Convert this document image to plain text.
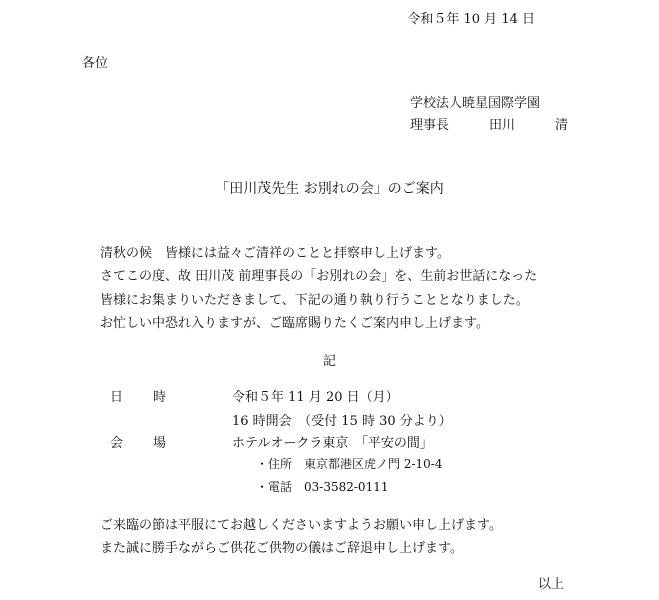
令和５年 10 月 14 日
各位
学校法人暁星国際学園
理事長	田川	清
「田川茂先生 お別れの会」のご案内
清秋の候　皆様には益々ご清祥のことと拝察申し上げます。
さてこの度、故 田川茂 前理事長の「お別れの会」を、生前お世話になった
皆様にお集まりいただきまして、下記の通り執り行うこととなりました。
お忙しい中恐れ入りますが、ご臨席賜りたくご案内申し上げます。
記
日 時	令和５年 11 月 20 日（月）
16 時開会　（受付 15 時 30 分より）
会 場	ホテルオークラ東京　「平安の間」
・住所 東京都港区虎ノ門 2-10-4
・電話 03-3582-0111
ご来臨の節は平服にてお越しくださいますようお願い申し上げます。
また誠に勝手ながらご供花ご供物の儀はご辞退申し上げます。
以上
